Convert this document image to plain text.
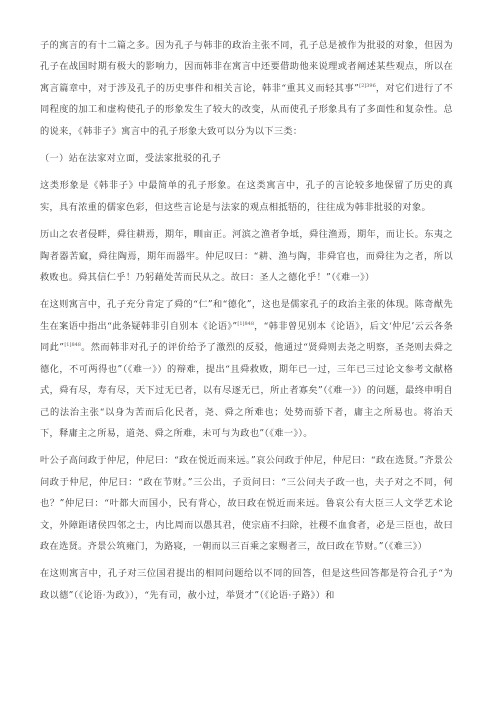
子的寓言的有十二篇之多。因为孔子与韩非的政治主张不同，孔子总是被作为批驳的对象，但因为孔子在战国时期有极大的影响力，因而韩非在寓言中还要借助他来说理或者阐述某些观点，所以在寓言篇章中，对于涉及孔子的历史事件和相关言论，韩非“重其义而轻其事”$^{[2]396}$，对它们进行了不同程度的加工和虚构使孔子的形象发生了较大的改变，从而使孔子形象具有了多面性和复杂性。总的说来，《韩非子》寓言中的孔子形象大致可以分为以下三类：

（一）站在法家对立面，受法家批驳的孔子

这类形象是《韩非子》中最简单的孔子形象。在这类寓言中，孔子的言论较多地保留了历史的真实，具有浓重的儒家色彩，但这些言论是与法家的观点相抵牾的，往往成为韩非批驳的对象。

历山之农者侵畔，舜往耕焉，期年，甽亩正。河滨之渔者争坻，舜往渔焉，期年，而让长。东夷之陶者器苦窳，舜往陶焉，期年而器牢。仲尼叹曰：“耕、渔与陶，非舜官也，而舜往为之者，所以救败也。舜其信仁乎！乃躬藉处苦而民从之。故曰：圣人之德化乎！”（《难一》）

在这则寓言中，孔子充分肯定了舜的“仁”和“德化”，这也是儒家孔子的政治主张的体现。陈奇猷先生在案语中指出“此条疑韩非引自别本《论语》”$^{[1]848}$，“韩非曾见别本《论语》，后文‘仲尼’云云各条同此”$^{[1]848}$。然而韩非对孔子的评价给予了激烈的反驳，他通过“贤舜则去尧之明察，圣尧则去舜之德化，不可两得也”（《难一》）的辩难，提出“且舜救败，期年已一过，三年已三过论文参考文献格式，舜有尽，寿有尽，天下过无已者，以有尽逐无已，所止者寡矣”（《难一》）的问题，最终申明自己的法治主张“以身为苦而后化民者，尧、舜之所难也；处势而骄下者，庸主之所易也。将治天下，释庸主之所易，道尧、舜之所难，未可与为政也”（《难一》）。

叶公子高问政于仲尼，仲尼曰：“政在悦近而来远。”哀公问政于仲尼，仲尼曰：“政在选贤。”齐景公问政于仲尼，仲尼曰：“政在节财。”三公出，子贡问曰：“三公问夫子政一也，夫子对之不同，何也？”仲尼曰：“叶都大而国小，民有背心，故曰政在悦近而来远。鲁哀公有大臣三人文学艺术论文，外障距诸侯四邻之士，内比周而以愚其君，使宗庙不扫除，社稷不血食者，必是三臣也，故曰政在选贤。齐景公筑雍门，为路寝，一朝而以三百乘之家赐者三，故曰政在节财。”（《难三》）

在这则寓言中，孔子对三位国君提出的相同问题给以不同的回答，但是这些回答都是符合孔子“为政以德”（《论语·为政》），“先有司，赦小过，举贤才”（《论语·子路》）和
